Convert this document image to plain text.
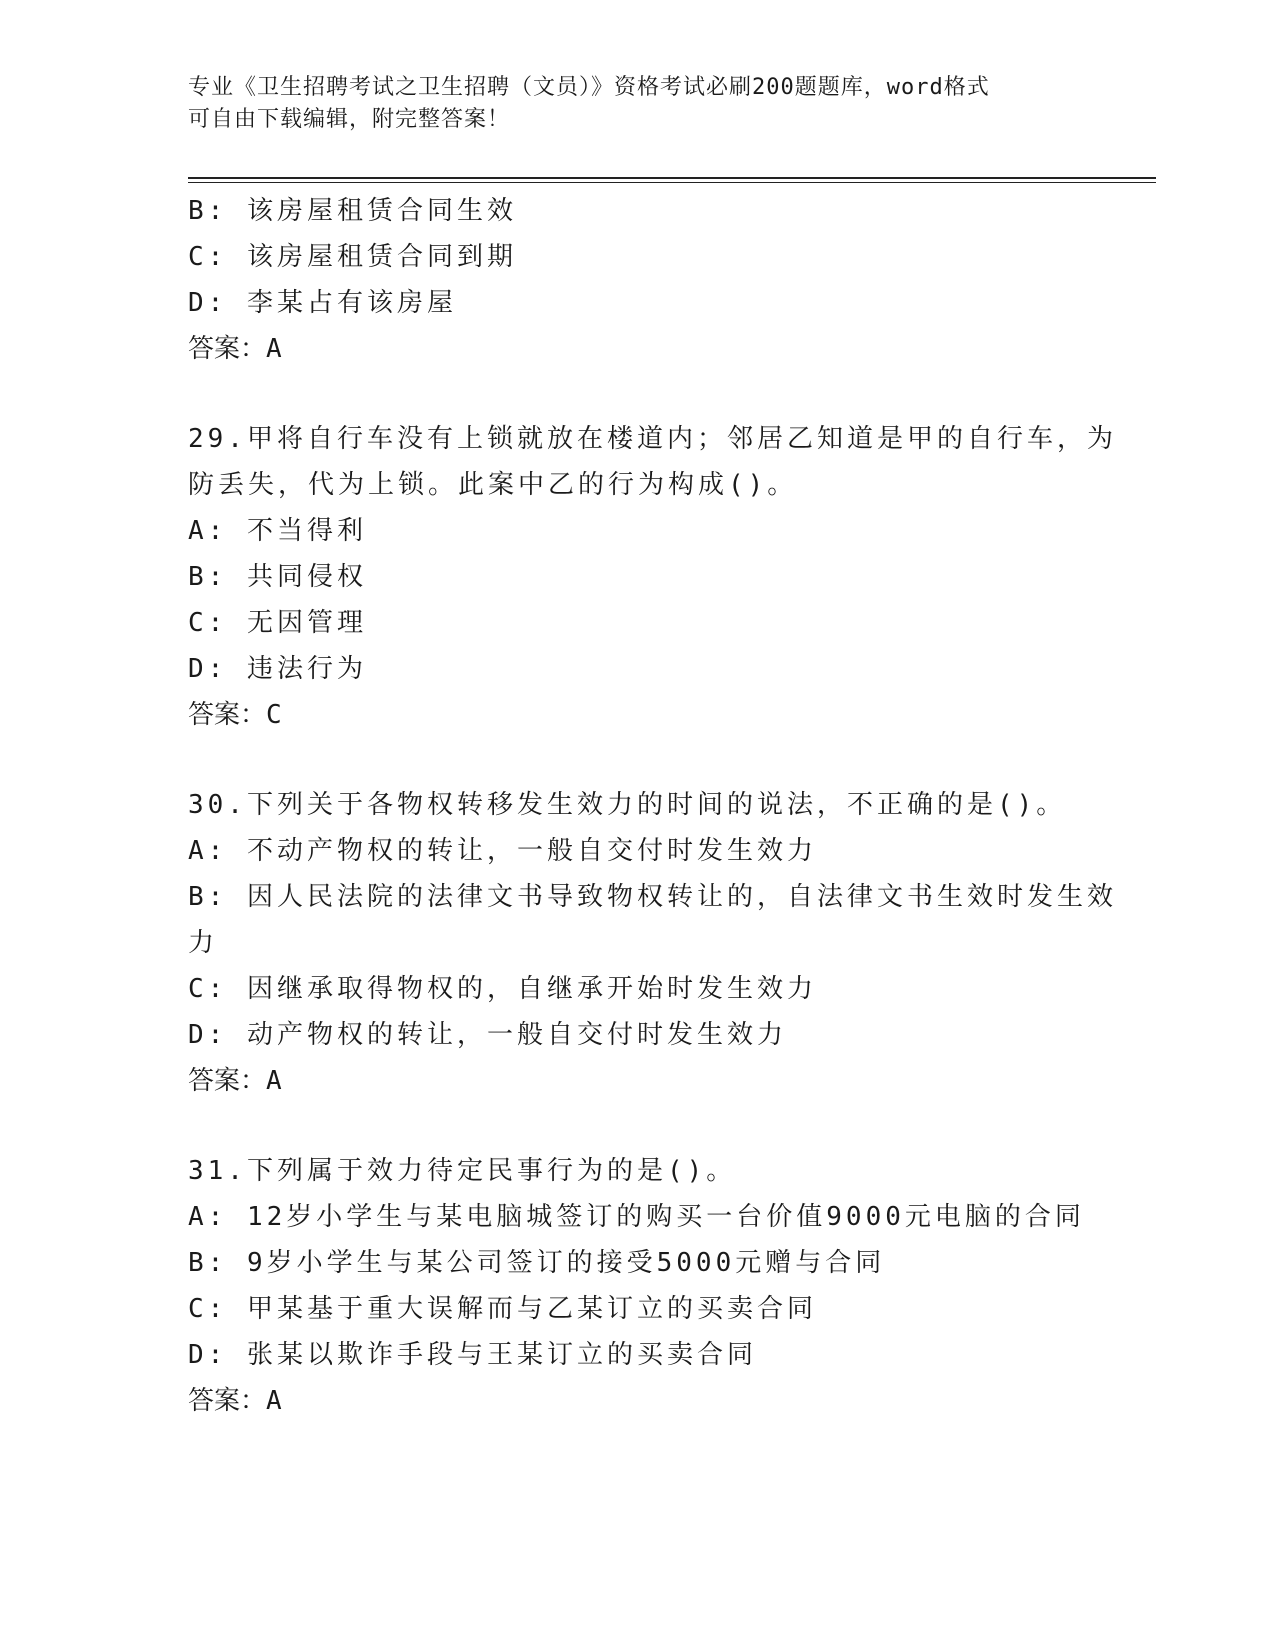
专业《卫生招聘考试之卫生招聘（文员）》资格考试必刷200题题库，word格式
可自由下载编辑，附完整答案！
B: 该房屋租赁合同生效
C: 该房屋租赁合同到期
D: 李某占有该房屋
答案：A
29.甲将自行车没有上锁就放在楼道内；邻居乙知道是甲的自行车，为
防丢失，代为上锁。此案中乙的行为构成()。
A: 不当得利
B: 共同侵权
C: 无因管理
D: 违法行为
答案：C
30.下列关于各物权转移发生效力的时间的说法，不正确的是()。
A: 不动产物权的转让，一般自交付时发生效力
B: 因人民法院的法律文书导致物权转让的，自法律文书生效时发生效
力
C: 因继承取得物权的，自继承开始时发生效力
D: 动产物权的转让，一般自交付时发生效力
答案：A
31.下列属于效力待定民事行为的是()。
A: 12岁小学生与某电脑城签订的购买一台价值9000元电脑的合同
B: 9岁小学生与某公司签订的接受5000元赠与合同
C: 甲某基于重大误解而与乙某订立的买卖合同
D: 张某以欺诈手段与王某订立的买卖合同
答案：A
